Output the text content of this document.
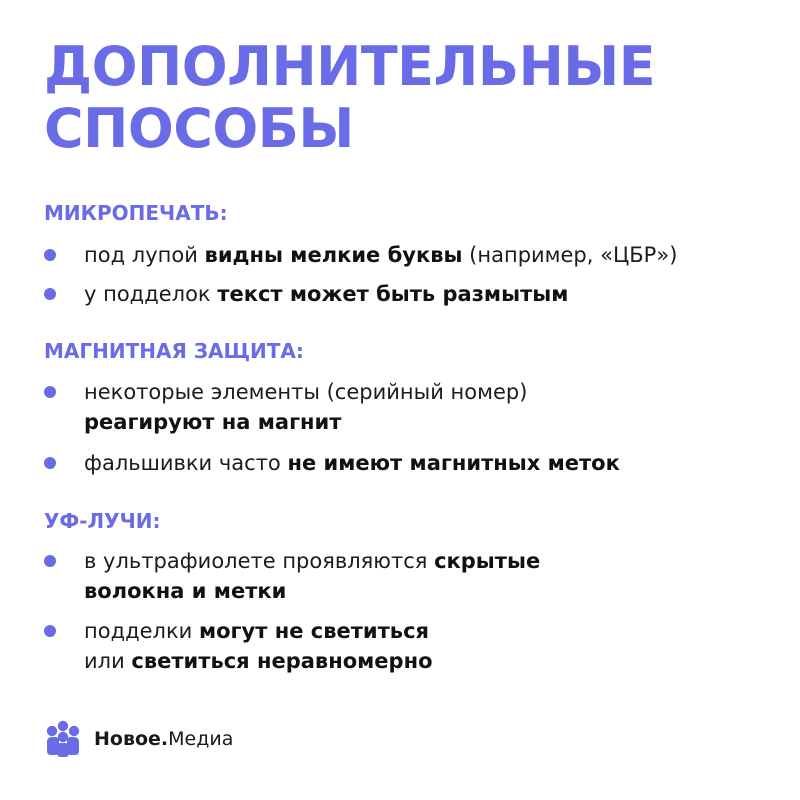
ДОПОЛНИТЕЛЬНЫЕ
СПОСОБЫ
МИКРОПЕЧАТЬ:
под лупой видны мелкие буквы (например, «ЦБР»)
у подделок текст может быть размытым
МАГНИТНАЯ ЗАЩИТА:
некоторые элементы (серийный номер)
реагируют на магнит
фальшивки часто не имеют магнитных меток
УФ-ЛУЧИ:
в ультрафиолете проявляются скрытые
волокна и метки
подделки могут не светиться
или светиться неравномерно
Новое.Медиа
